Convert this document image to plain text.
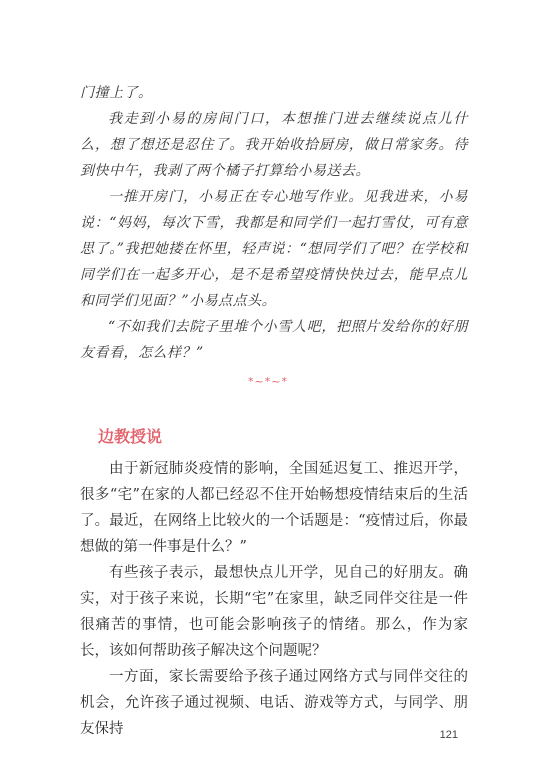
门撞上了。

我走到小易的房间门口，本想推门进去继续说点儿什么，想了想还是忍住了。我开始收拾厨房，做日常家务。待到快中午，我剥了两个橘子打算给小易送去。

一推开房门，小易正在专心地写作业。见我进来，小易说：“妈妈，每次下雪，我都是和同学们一起打雪仗，可有意思了。”我把她搂在怀里，轻声说：“想同学们了吧？在学校和同学们在一起多开心，是不是希望疫情快快过去，能早点儿和同学们见面？”小易点点头。

“不如我们去院子里堆个小雪人吧，把照片发给你的好朋友看看，怎么样？”

*~*~*
边教授说

由于新冠肺炎疫情的影响，全国延迟复工、推迟开学，很多“宅”在家的人都已经忍不住开始畅想疫情结束后的生活了。最近，在网络上比较火的一个话题是：“疫情过后，你最想做的第一件事是什么？”

有些孩子表示，最想快点儿开学，见自己的好朋友。确实，对于孩子来说，长期“宅”在家里，缺乏同伴交往是一件很痛苦的事情，也可能会影响孩子的情绪。那么，作为家长，该如何帮助孩子解决这个问题呢？

一方面，家长需要给予孩子通过网络方式与同伴交往的机会，允许孩子通过视频、电话、游戏等方式，与同学、朋友保持	121
